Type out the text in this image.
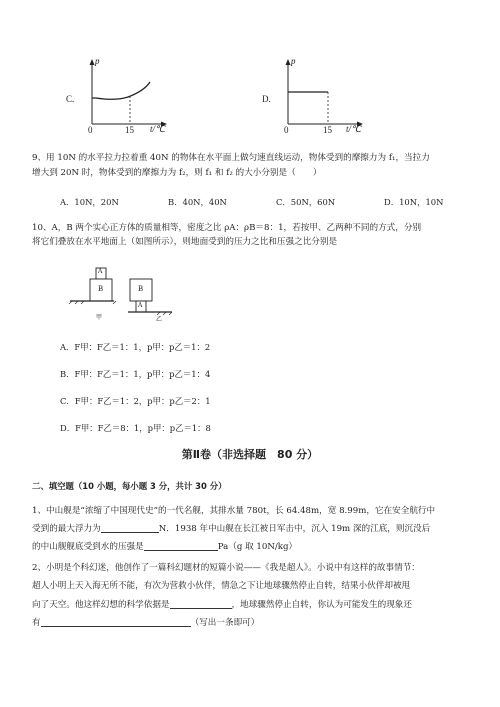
C.
p
0	15 t/℃
D.
p
0	15 t/℃
9、用 10N 的水平拉力拉着重 40N 的物体在水平面上做匀速直线运动，物体受到的摩擦力为 f₁，当拉力
增大到 20N 时，物体受到的摩擦力为 f₂，则 f₁ 和 f₂ 的大小分别是（　　）
A．10N，20N	B．40N，40N	C．50N，60N	D．10N，10N
10、A，B 两个实心正方体的质量相等，密度之比 ρA：ρB＝8：1，若按甲、乙两种不同的方式，分别
将它们叠放在水平地面上（如图所示），则地面受到的压力之比和压强之比分别是
A
B	B
A
甲	乙
A．F甲：F乙＝1：1，p甲：p乙＝1：2
B．F甲：F乙＝1：1，p甲：p乙＝1：4
C．F甲：F乙＝1：2，p甲：p乙＝2：1
D．F甲：F乙＝8：1，p甲：p乙＝1：8
第Ⅱ卷（非选择题　80 分）
二、填空题（10 小题，每小题 3 分，共计 30 分）
1、中山舰是“浓缩了中国现代史”的一代名舰，其排水量 780t，长 64.48m，宽 8.99m，它在安全航行中
受到的最大浮力为	N．1938 年中山舰在长江被日军击中，沉入 19m 深的江底，则沉没后
的中山舰舰底受到水的压强是	Pa（g 取 10N/kg）
2、小明是个科幻迷，他创作了一篇科幻题材的短篇小说——《我是超人》。小说中有这样的故事情节：
超人小明上天入海无所不能，有次为营救小伙伴，情急之下让地球骤然停止自转，结果小伙伴却被甩
向了天空。他这样幻想的科学依据是	，地球骤然停止自转，你认为可能发生的现象还
有	（写出一条即可）
